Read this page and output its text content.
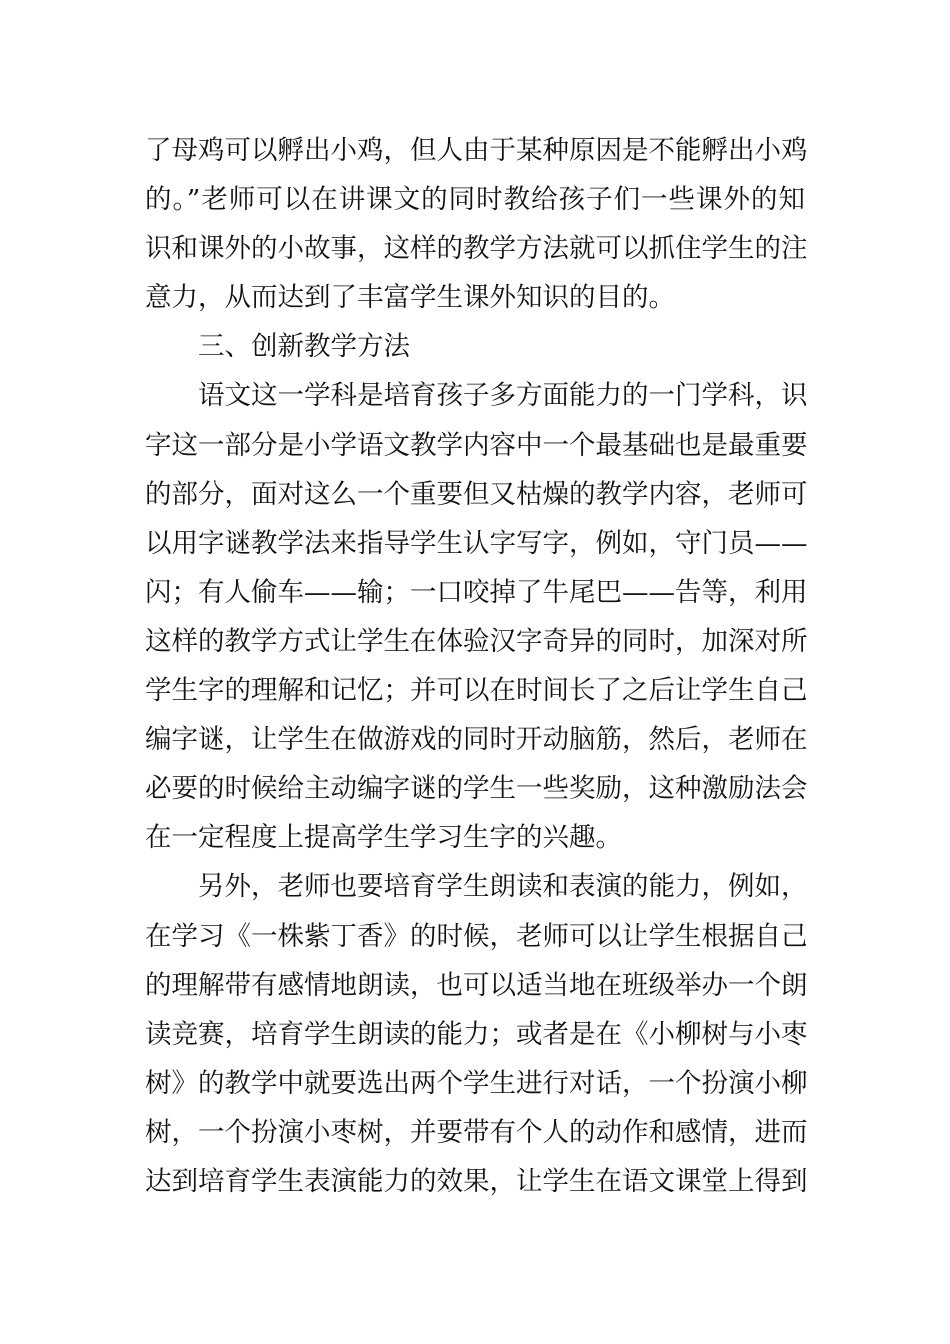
了母鸡可以孵出小鸡，但人由于某种原因是不能孵出小鸡
的。”老师可以在讲课文的同时教给孩子们一些课外的知
识和课外的小故事，这样的教学方法就可以抓住学生的注
意力，从而达到了丰富学生课外知识的目的。

三、创新教学方法

语文这一学科是培育孩子多方面能力的一门学科，识
字这一部分是小学语文教学内容中一个最基础也是最重要
的部分，面对这么一个重要但又枯燥的教学内容，老师可
以用字谜教学法来指导学生认字写字，例如，守门员——
闪；有人偷车——输；一口咬掉了牛尾巴——告等，利用
这样的教学方式让学生在体验汉字奇异的同时，加深对所
学生字的理解和记忆；并可以在时间长了之后让学生自己
编字谜，让学生在做游戏的同时开动脑筋，然后，老师在
必要的时候给主动编字谜的学生一些奖励，这种激励法会
在一定程度上提高学生学习生字的兴趣。

另外，老师也要培育学生朗读和表演的能力，例如，
在学习《一株紫丁香》的时候，老师可以让学生根据自己
的理解带有感情地朗读，也可以适当地在班级举办一个朗
读竞赛，培育学生朗读的能力；或者是在《小柳树与小枣
树》的教学中就要选出两个学生进行对话，一个扮演小柳
树，一个扮演小枣树，并要带有个人的动作和感情，进而
达到培育学生表演能力的效果，让学生在语文课堂上得到
